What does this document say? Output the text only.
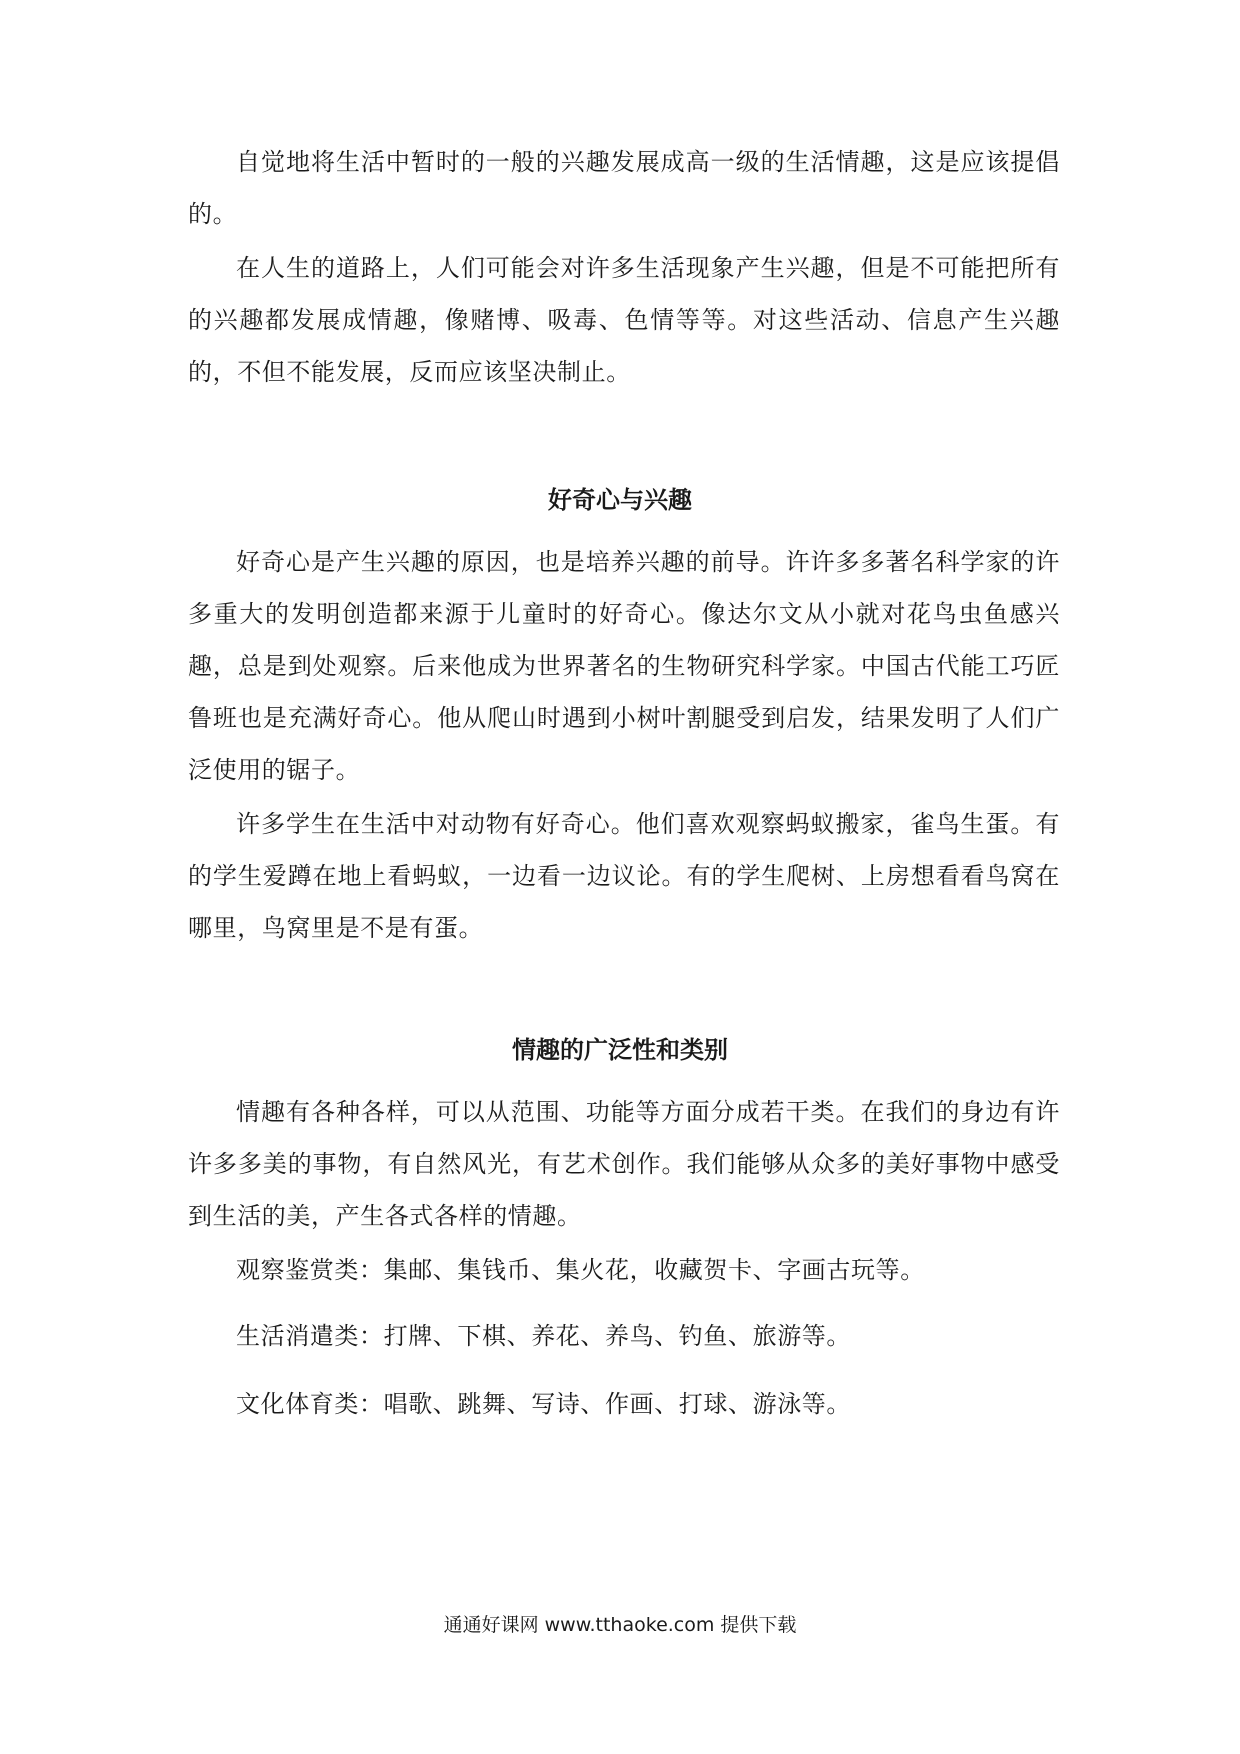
自觉地将生活中暂时的一般的兴趣发展成高一级的生活情趣，这是应该提倡的。

在人生的道路上，人们可能会对许多生活现象产生兴趣，但是不可能把所有的兴趣都发展成情趣，像赌博、吸毒、色情等等。对这些活动、信息产生兴趣的，不但不能发展，反而应该坚决制止。

好奇心与兴趣

好奇心是产生兴趣的原因，也是培养兴趣的前导。许许多多著名科学家的许多重大的发明创造都来源于儿童时的好奇心。像达尔文从小就对花鸟虫鱼感兴趣，总是到处观察。后来他成为世界著名的生物研究科学家。中国古代能工巧匠鲁班也是充满好奇心。他从爬山时遇到小树叶割腿受到启发，结果发明了人们广泛使用的锯子。

许多学生在生活中对动物有好奇心。他们喜欢观察蚂蚁搬家，雀鸟生蛋。有的学生爱蹲在地上看蚂蚁，一边看一边议论。有的学生爬树、上房想看看鸟窝在哪里，鸟窝里是不是有蛋。

情趣的广泛性和类别

情趣有各种各样，可以从范围、功能等方面分成若干类。在我们的身边有许许多多美的事物，有自然风光，有艺术创作。我们能够从众多的美好事物中感受到生活的美，产生各式各样的情趣。

观察鉴赏类：集邮、集钱币、集火花，收藏贺卡、字画古玩等。

生活消遣类：打牌、下棋、养花、养鸟、钓鱼、旅游等。

文化体育类：唱歌、跳舞、写诗、作画、打球、游泳等。

通通好课网 www.tthaoke.com 提供下载
